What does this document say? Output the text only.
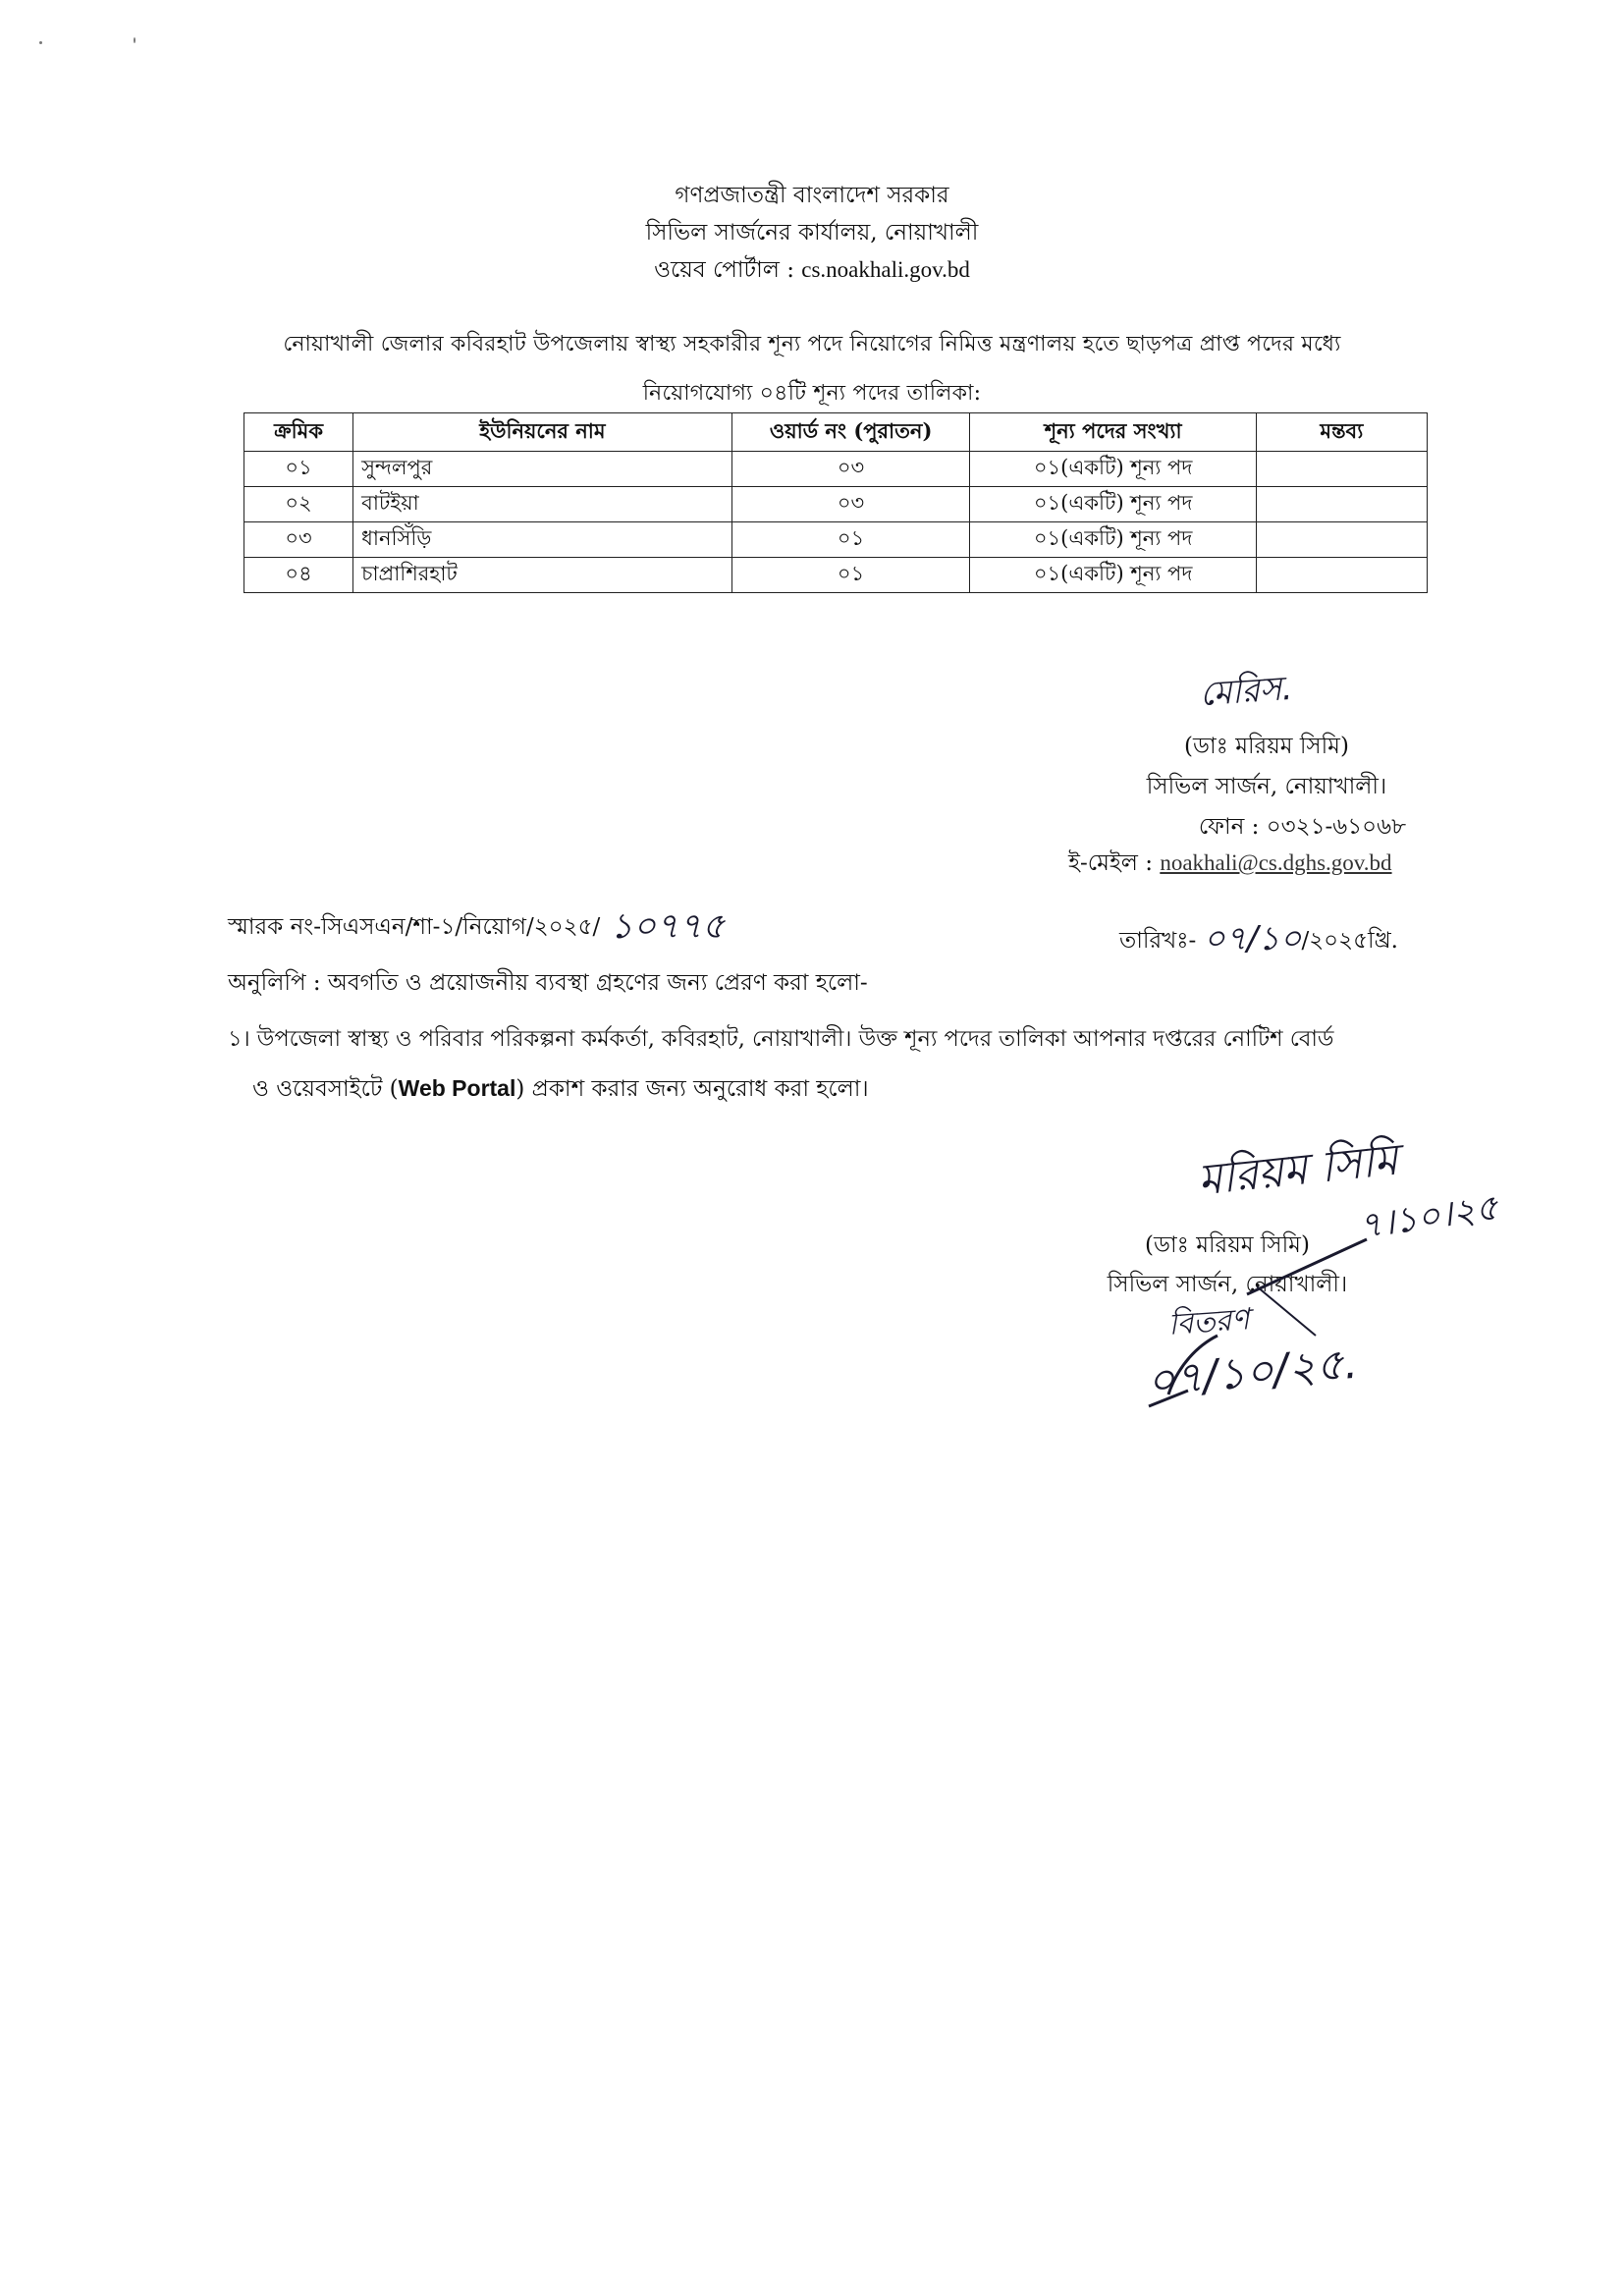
গণপ্রজাতন্ত্রী বাংলাদেশ সরকার
সিভিল সার্জনের কার্যালয়, নোয়াখালী
ওয়েব পোর্টাল : cs.noakhali.gov.bd
নোয়াখালী জেলার কবিরহাট উপজেলায় স্বাস্থ্য সহকারীর শূন্য পদে নিয়োগের নিমিত্ত মন্ত্রণালয় হতে ছাড়পত্র প্রাপ্ত পদের মধ্যে
নিয়োগযোগ্য ০৪টি শূন্য পদের তালিকা:
ক্রমিক	ইউনিয়নের নাম	ওয়ার্ড নং (পুরাতন)	শূন্য পদের সংখ্যা	মন্তব্য
০১	সুন্দলপুর	০৩	০১(একটি) শূন্য পদ	
০২	বাটইয়া	০৩	০১(একটি) শূন্য পদ	
০৩	ধানসিঁড়ি	০১	০১(একটি) শূন্য পদ	
০৪	চাপ্রাশিরহাট	০১	০১(একটি) শূন্য পদ	
মেরিস.
(ডাঃ মরিয়ম সিমি)
সিভিল সার্জন, নোয়াখালী।
ফোন : ০৩২১-৬১০৬৮
ই-মেইল : noakhali@cs.dghs.gov.bd
স্মারক নং-সিএসএন/শা-১/নিয়োগ/২০২৫/ ১০৭৭৫	তারিখঃ- ০৭/১০/২০২৫খ্রি.
অনুলিপি : অবগতি ও প্রয়োজনীয় ব্যবস্থা গ্রহণের জন্য প্রেরণ করা হলো-
১। উপজেলা স্বাস্থ্য ও পরিবার পরিকল্পনা কর্মকর্তা, কবিরহাট, নোয়াখালী। উক্ত শূন্য পদের তালিকা আপনার দপ্তরের নোটিশ বোর্ড
ও ওয়েবসাইটে (Web Portal) প্রকাশ করার জন্য অনুরোধ করা হলো।
মরিয়ম সিমি
৭।১০।২৫
(ডাঃ মরিয়ম সিমি)
সিভিল সার্জন, নোয়াখালী।
বিতরণ
০৭/১০/২৫.
